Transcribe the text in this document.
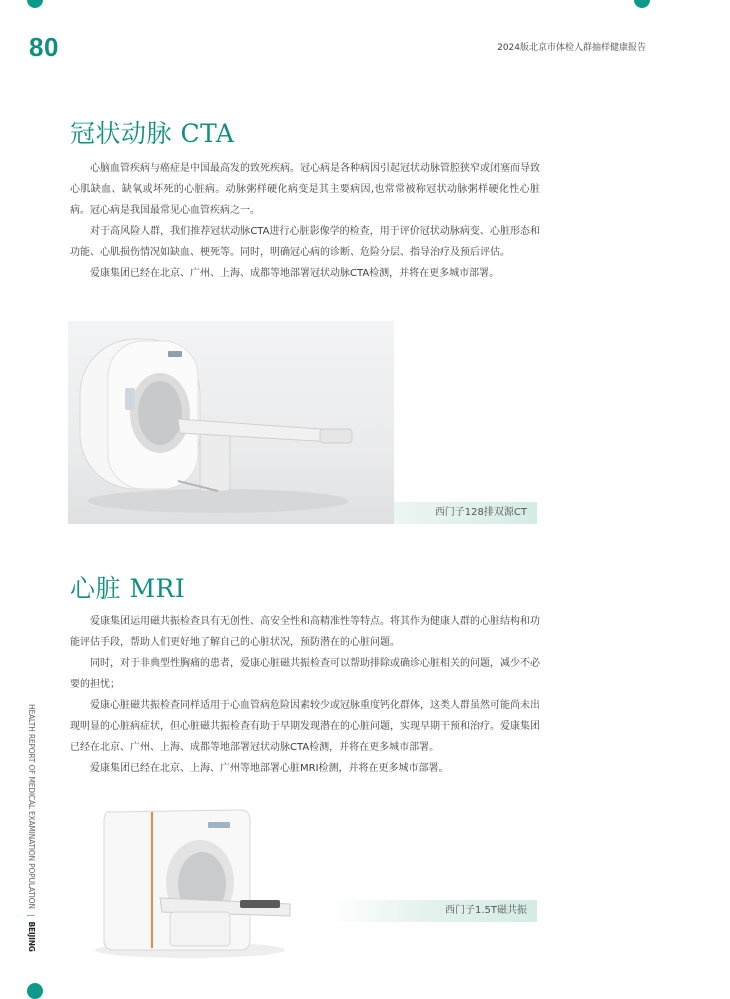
80	2024版北京市体检人群抽样健康报告
HEALTH REPORT OF MEDICAL EXAMINATION POPULATION | BEIJING
冠状动脉 CTA

心脑血管疾病与癌症是中国最高发的致死疾病。冠心病是各种病因引起冠状动脉管腔狭窄或闭塞而导致心肌缺血、缺氧或坏死的心脏病。动脉粥样硬化病变是其主要病因,也常常被称冠状动脉粥样硬化性心脏病。冠心病是我国最常见心血管疾病之一。

对于高风险人群，我们推荐冠状动脉CTA进行心脏影像学的检查，用于评价冠状动脉病变、心脏形态和功能、心肌损伤情况如缺血、梗死等。同时，明确冠心病的诊断、危险分层、指导治疗及预后评估。

爱康集团已经在北京、广州、上海、成都等地部署冠状动脉CTA检测，并将在更多城市部署。

西门子128排双源CT
心脏 MRI

爱康集团运用磁共振检查具有无创性、高安全性和高精准性等特点。将其作为健康人群的心脏结构和功能评估手段，帮助人们更好地了解自己的心脏状况，预防潜在的心脏问题。

同时，对于非典型性胸痛的患者，爱康心脏磁共振检查可以帮助排除或确诊心脏相关的问题，减少不必要的担忧；

爱康心脏磁共振检查同样适用于心血管病危险因素较少或冠脉重度钙化群体，这类人群虽然可能尚未出现明显的心脏病症状，但心脏磁共振检查有助于早期发现潜在的心脏问题，实现早期干预和治疗。爱康集团已经在北京、广州、上海、成都等地部署冠状动脉CTA检测，并将在更多城市部署。

爱康集团已经在北京、上海、广州等地部署心脏MRI检测，并将在更多城市部署。

西门子1.5T磁共振
